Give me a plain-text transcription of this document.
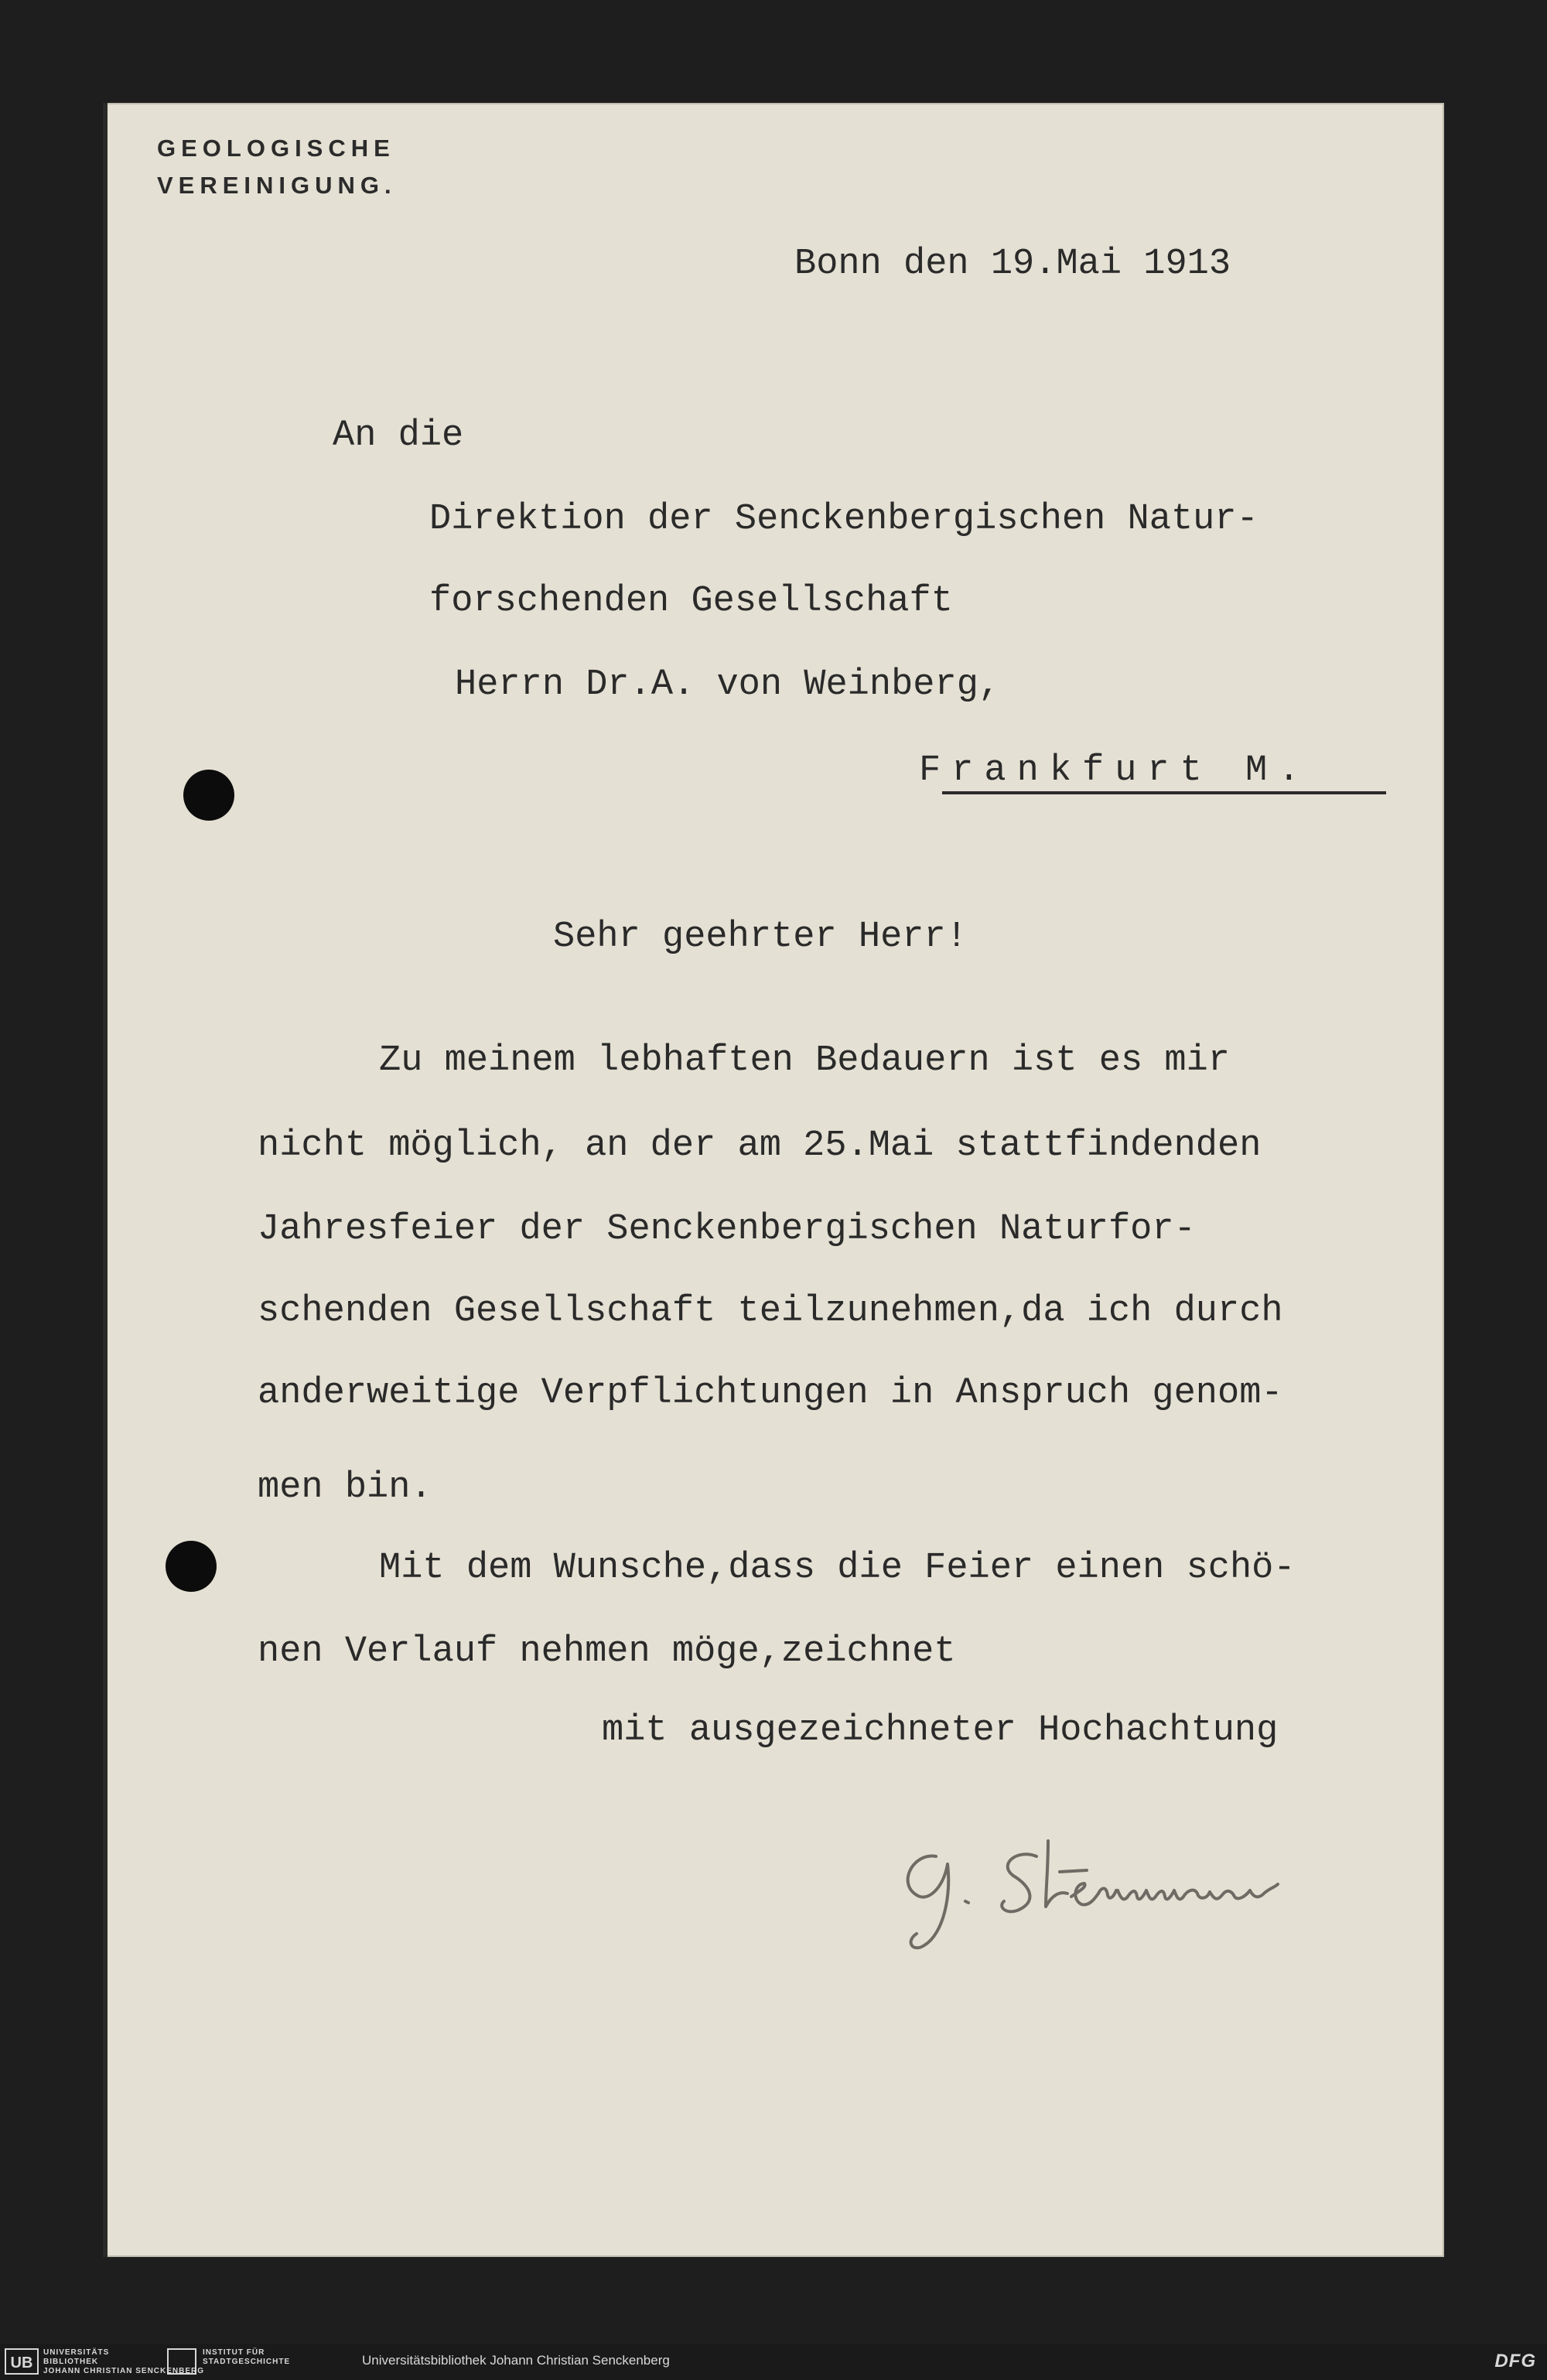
GEOLOGISCHE
VEREINIGUNG.
Bonn den 19.Mai 1913
An die
Direktion der Senckenbergischen Natur-
forschenden Gesellschaft
Herrn Dr.A. von Weinberg,
Frankfurt M.
Sehr geehrter Herr!
Zu meinem lebhaften Bedauern ist es mir
nicht möglich, an der am 25.Mai stattfindenden
Jahresfeier der Senckenbergischen Naturfor-
schenden Gesellschaft teilzunehmen,da ich durch
anderweitige Verpflichtungen in Anspruch genom-
men bin.
Mit dem Wunsche,dass die Feier einen schö-
nen Verlauf nehmen möge,zeichnet
mit ausgezeichneter Hochachtung
UB
UNIVERSITÄTS
BIBLIOTHEK
JOHANN CHRISTIAN SENCKENBERG
INSTITUT FÜR
STADTGESCHICHTE	Universitätsbibliothek Johann Christian Senckenberg	DFG
